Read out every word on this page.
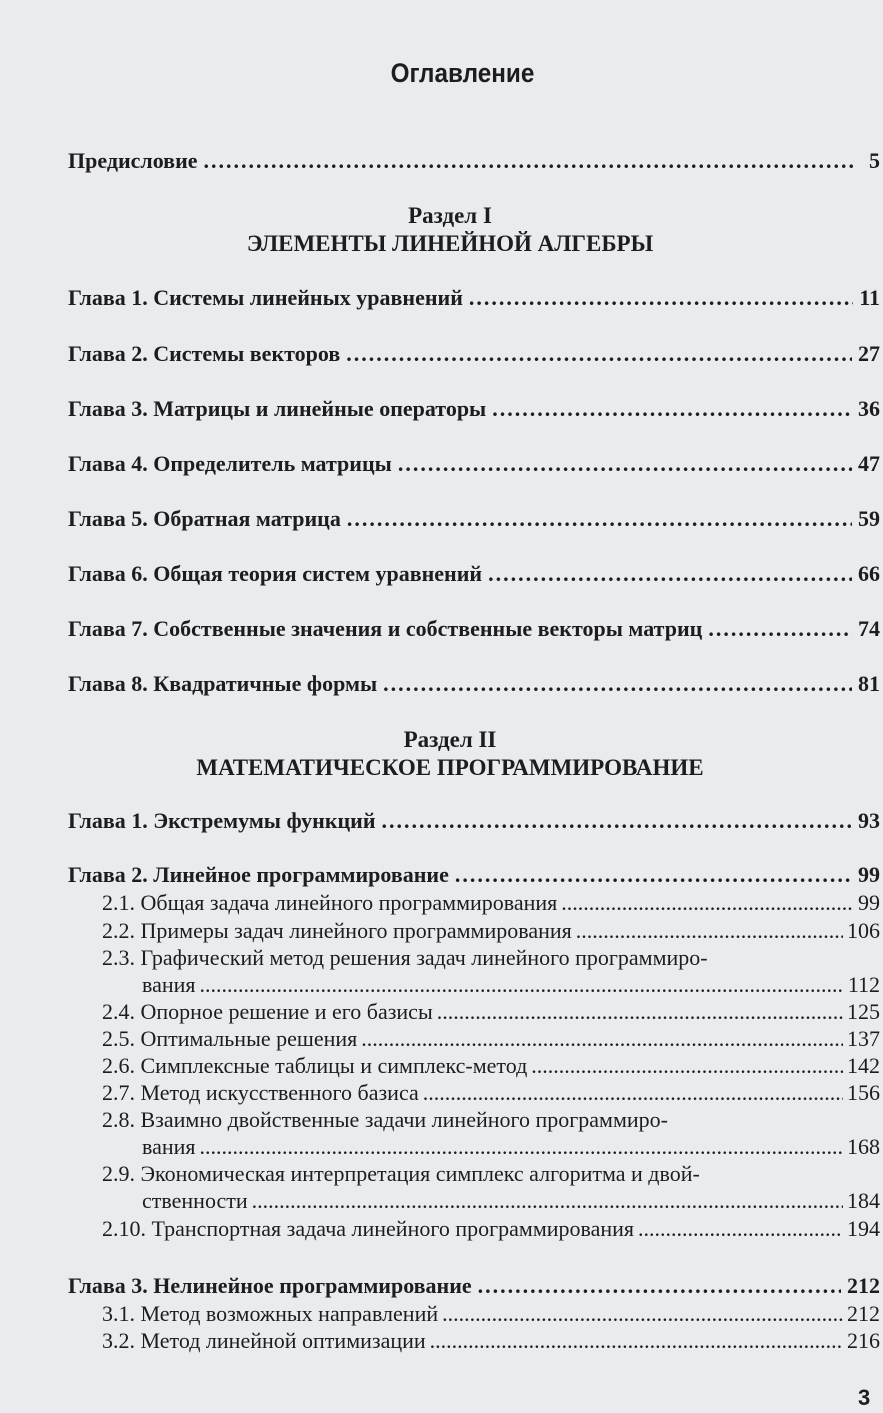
Оглавление
Предисловие .....	5
Раздел I
ЭЛЕМЕНТЫ ЛИНЕЙНОЙ АЛГЕБРЫ
Глава 1. Системы линейных уравнений .....	11
Глава 2. Системы векторов .....	27
Глава 3. Матрицы и линейные операторы .....	36
Глава 4. Определитель матрицы .....	47
Глава 5. Обратная матрица .....	59
Глава 6. Общая теория систем уравнений .....	66
Глава 7. Собственные значения и собственные векторы матриц .....	74
Глава 8. Квадратичные формы .....	81
Раздел II
МАТЕМАТИЧЕСКОЕ ПРОГРАММИРОВАНИЕ
Глава 1. Экстремумы функций .....	93
Глава 2. Линейное программирование .....	99
2.1. Общая задача линейного программирования .....	99
2.2. Примеры задач линейного программирования .....	106
2.3. Графический метод решения задач линейного программиро-
вания .....	112
2.4. Опорное решение и его базисы .....	125
2.5. Оптимальные решения .....	137
2.6. Симплексные таблицы и симплекс-метод .....	142
2.7. Метод искусственного базиса .....	156
2.8. Взаимно двойственные задачи линейного программиро-
вания .....	168
2.9. Экономическая интерпретация симплекс алгоритма и двой-
ственности .....	184
2.10. Транспортная задача линейного программирования .....	194
Глава 3. Нелинейное программирование .....	212
3.1. Метод возможных направлений .....	212
3.2. Метод линейной оптимизации .....	216
3
